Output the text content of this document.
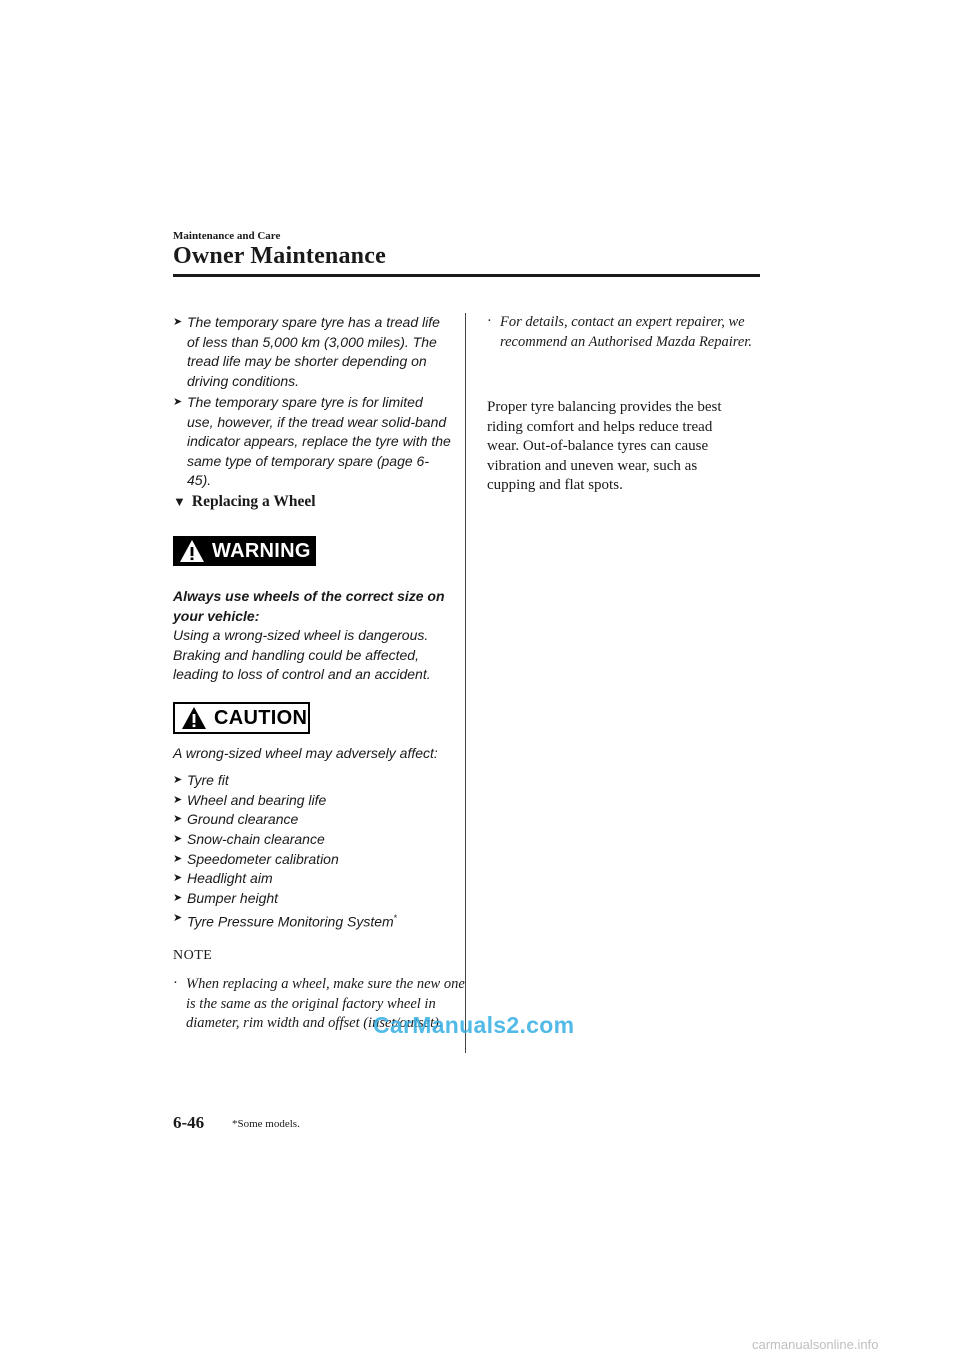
Maintenance and Care
Owner Maintenance
➤ The temporary spare tyre has a tread life of less than 5,000 km (3,000 miles). The tread life may be shorter depending on driving conditions.
➤ The temporary spare tyre is for limited use, however, if the tread wear solid-band indicator appears, replace the tyre with the same type of temporary spare (page 6-45).
▼ Replacing a Wheel
WARNING
Always use wheels of the correct size on your vehicle:
Using a wrong-sized wheel is dangerous. Braking and handling could be affected, leading to loss of control and an accident.
CAUTION
A wrong-sized wheel may adversely affect:
➤ Tyre fit
➤ Wheel and bearing life
➤ Ground clearance
➤ Snow-chain clearance
➤ Speedometer calibration
➤ Headlight aim
➤ Bumper height
➤ Tyre Pressure Monitoring System*
NOTE
· When replacing a wheel, make sure the new one is the same as the original factory wheel in diameter, rim width and offset (inset/outset).
· For details, contact an expert repairer, we recommend an Authorised Mazda Repairer.
Proper tyre balancing provides the best riding comfort and helps reduce tread wear. Out-of-balance tyres can cause vibration and uneven wear, such as cupping and flat spots.
6-46	*Some models.
CarManuals2.com
carmanualsonline.info
